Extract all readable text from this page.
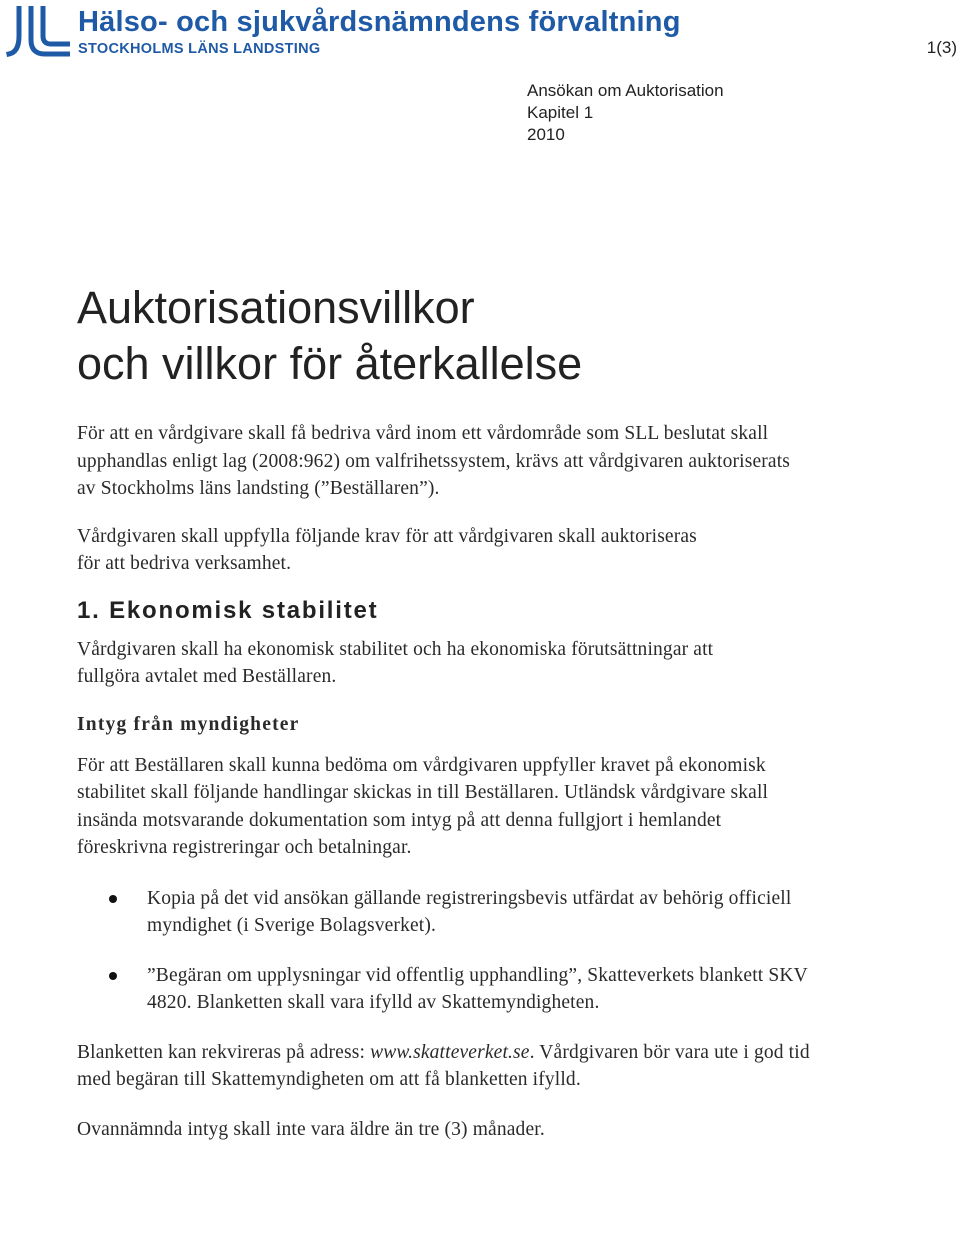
Hälso- och sjukvårdsnämndens förvaltning
STOCKHOLMS LÄNS LANDSTING	1(3)
Ansökan om Auktorisation
Kapitel 1
2010
Auktorisationsvillkor
och villkor för återkallelse

För att en vårdgivare skall få bedriva vård inom ett vårdområde som SLL beslutat skall upphandlas enligt lag (2008:962) om valfrihetssystem, krävs att vårdgivaren auktoriserats av Stockholms läns landsting (”Beställaren”).

Vårdgivaren skall uppfylla följande krav för att vårdgivaren skall auktoriseras för att bedriva verksamhet.

1. Ekonomisk stabilitet

Vårdgivaren skall ha ekonomisk stabilitet och ha ekonomiska förutsättningar att fullgöra avtalet med Beställaren.

Intyg från myndigheter

För att Beställaren skall kunna bedöma om vårdgivaren uppfyller kravet på ekonomisk stabilitet skall följande handlingar skickas in till Beställaren. Utländsk vårdgivare skall insända motsvarande dokumentation som intyg på att denna fullgjort i hemlandet föreskrivna registreringar och betalningar.

Kopia på det vid ansökan gällande registreringsbevis utfärdat av behörig officiell myndighet (i Sverige Bolagsverket).
”Begäran om upplysningar vid offentlig upphandling”, Skatteverkets blankett SKV 4820. Blanketten skall vara ifylld av Skattemyndigheten.

Blanketten kan rekvireras på adress: www.skatteverket.se. Vårdgivaren bör vara ute i god tid med begäran till Skattemyndigheten om att få blanketten ifylld.

Ovannämnda intyg skall inte vara äldre än tre (3) månader.
